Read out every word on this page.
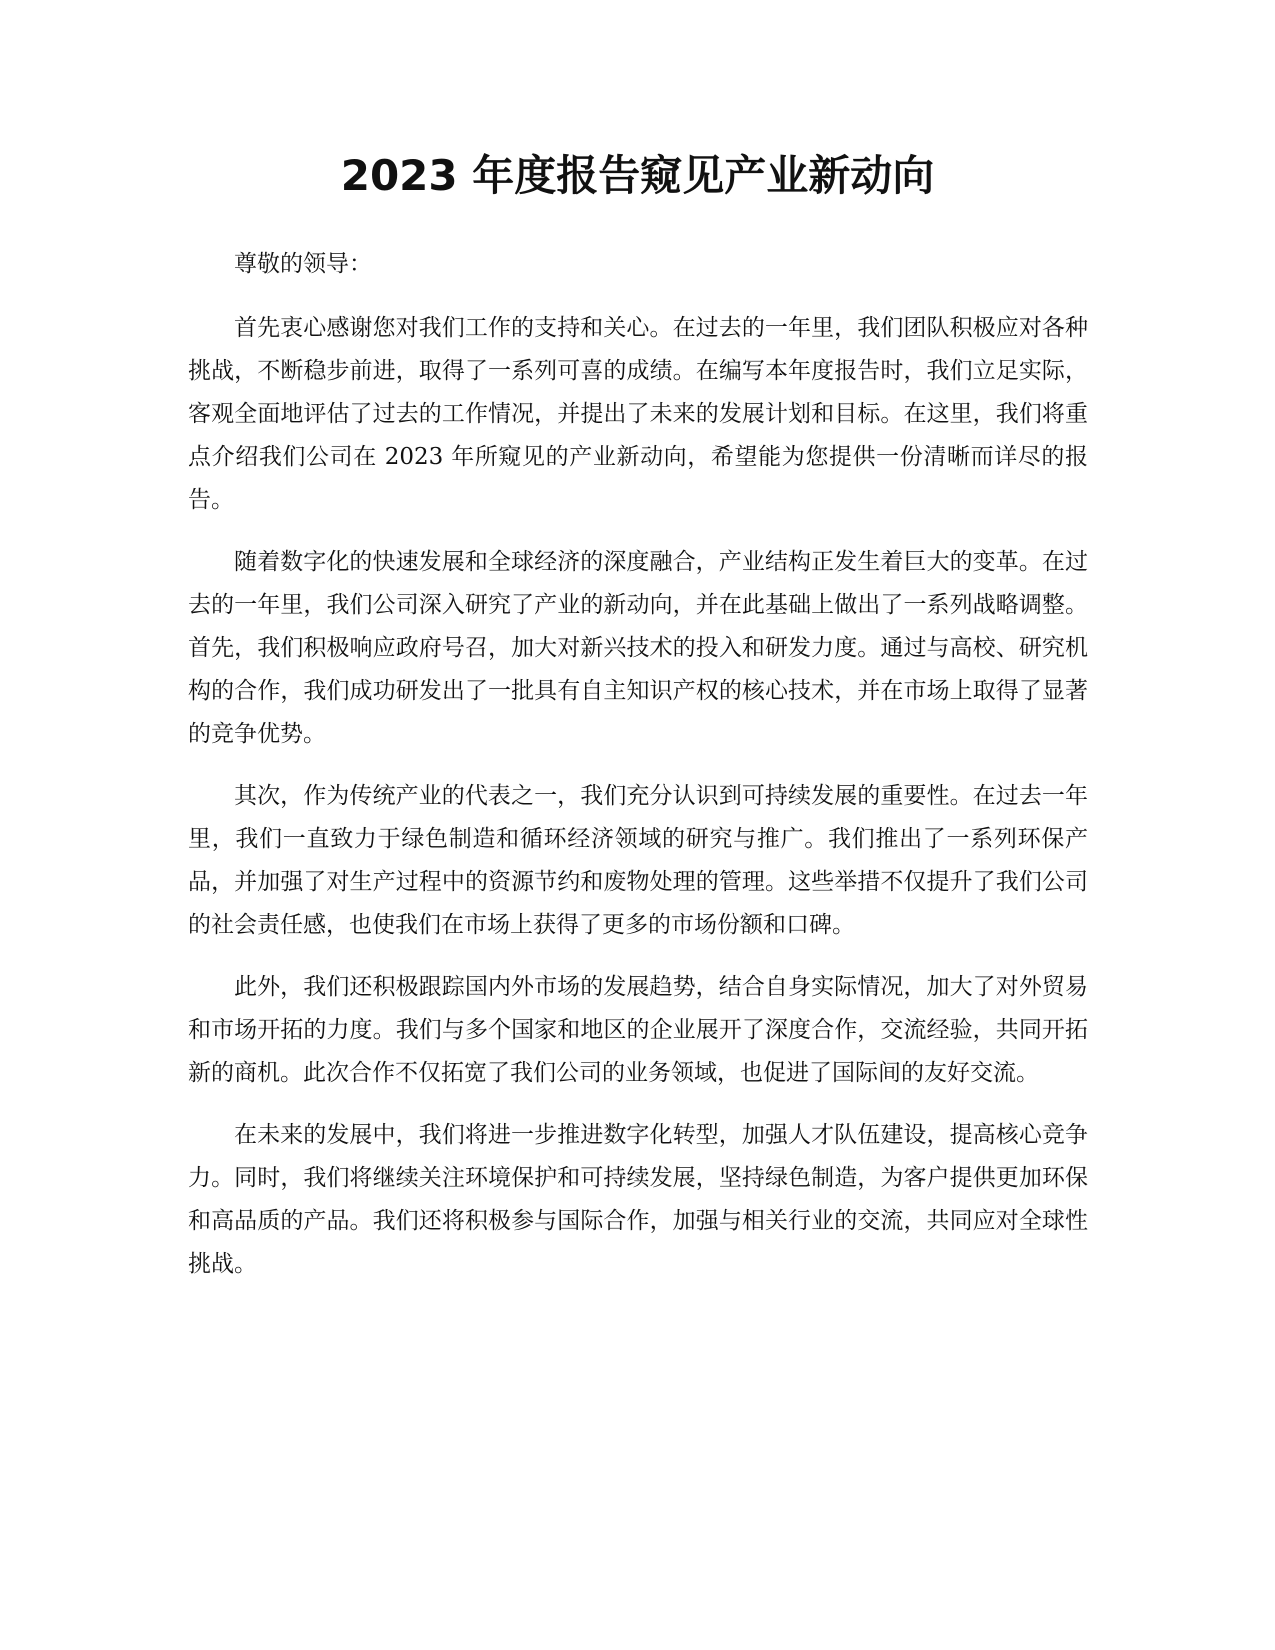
2023 年度报告窥见产业新动向

尊敬的领导：

首先衷心感谢您对我们工作的支持和关心。在过去的一年里，我们团队积极应对各种挑战，不断稳步前进，取得了一系列可喜的成绩。在编写本年度报告时，我们立足实际，客观全面地评估了过去的工作情况，并提出了未来的发展计划和目标。在这里，我们将重点介绍我们公司在 2023 年所窥见的产业新动向，希望能为您提供一份清晰而详尽的报告。

随着数字化的快速发展和全球经济的深度融合，产业结构正发生着巨大的变革。在过去的一年里，我们公司深入研究了产业的新动向，并在此基础上做出了一系列战略调整。首先，我们积极响应政府号召，加大对新兴技术的投入和研发力度。通过与高校、研究机构的合作，我们成功研发出了一批具有自主知识产权的核心技术，并在市场上取得了显著的竞争优势。

其次，作为传统产业的代表之一，我们充分认识到可持续发展的重要性。在过去一年里，我们一直致力于绿色制造和循环经济领域的研究与推广。我们推出了一系列环保产品，并加强了对生产过程中的资源节约和废物处理的管理。这些举措不仅提升了我们公司的社会责任感，也使我们在市场上获得了更多的市场份额和口碑。

此外，我们还积极跟踪国内外市场的发展趋势，结合自身实际情况，加大了对外贸易和市场开拓的力度。我们与多个国家和地区的企业展开了深度合作，交流经验，共同开拓新的商机。此次合作不仅拓宽了我们公司的业务领域，也促进了国际间的友好交流。

在未来的发展中，我们将进一步推进数字化转型，加强人才队伍建设，提高核心竞争力。同时，我们将继续关注环境保护和可持续发展，坚持绿色制造，为客户提供更加环保和高品质的产品。我们还将积极参与国际合作，加强与相关行业的交流，共同应对全球性挑战。
